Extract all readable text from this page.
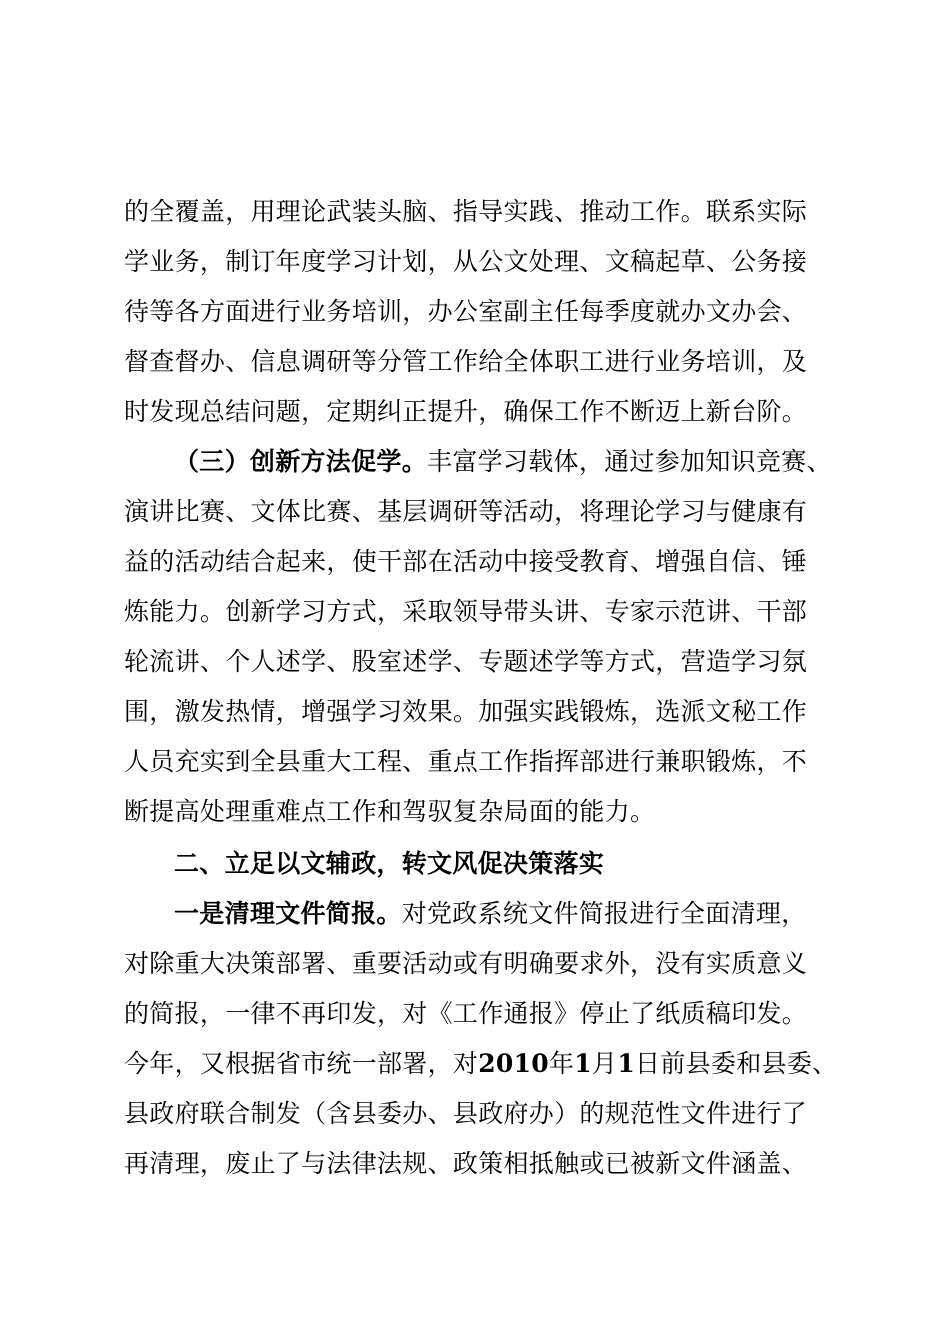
的全覆盖，用理论武装头脑、指导实践、推动工作。联系实际
学业务，制订年度学习计划，从公文处理、文稿起草、公务接
待等各方面进行业务培训，办公室副主任每季度就办文办会、
督查督办、信息调研等分管工作给全体职工进行业务培训，及
时发现总结问题，定期纠正提升，确保工作不断迈上新台阶。
（三）创新方法促学。丰富学习载体，通过参加知识竞赛、
演讲比赛、文体比赛、基层调研等活动，将理论学习与健康有
益的活动结合起来，使干部在活动中接受教育、增强自信、锤
炼能力。创新学习方式，采取领导带头讲、专家示范讲、干部
轮流讲、个人述学、股室述学、专题述学等方式，营造学习氛
围，激发热情，增强学习效果。加强实践锻炼，选派文秘工作
人员充实到全县重大工程、重点工作指挥部进行兼职锻炼，不
断提高处理重难点工作和驾驭复杂局面的能力。
二、立足以文辅政，转文风促决策落实
一是清理文件简报。对党政系统文件简报进行全面清理，
对除重大决策部署、重要活动或有明确要求外，没有实质意义
的简报，一律不再印发，对《工作通报》停止了纸质稿印发。
今年，又根据省市统一部署，对2010年1月1日前县委和县委、
县政府联合制发（含县委办、县政府办）的规范性文件进行了
再清理，废止了与法律法规、政策相抵触或已被新文件涵盖、
